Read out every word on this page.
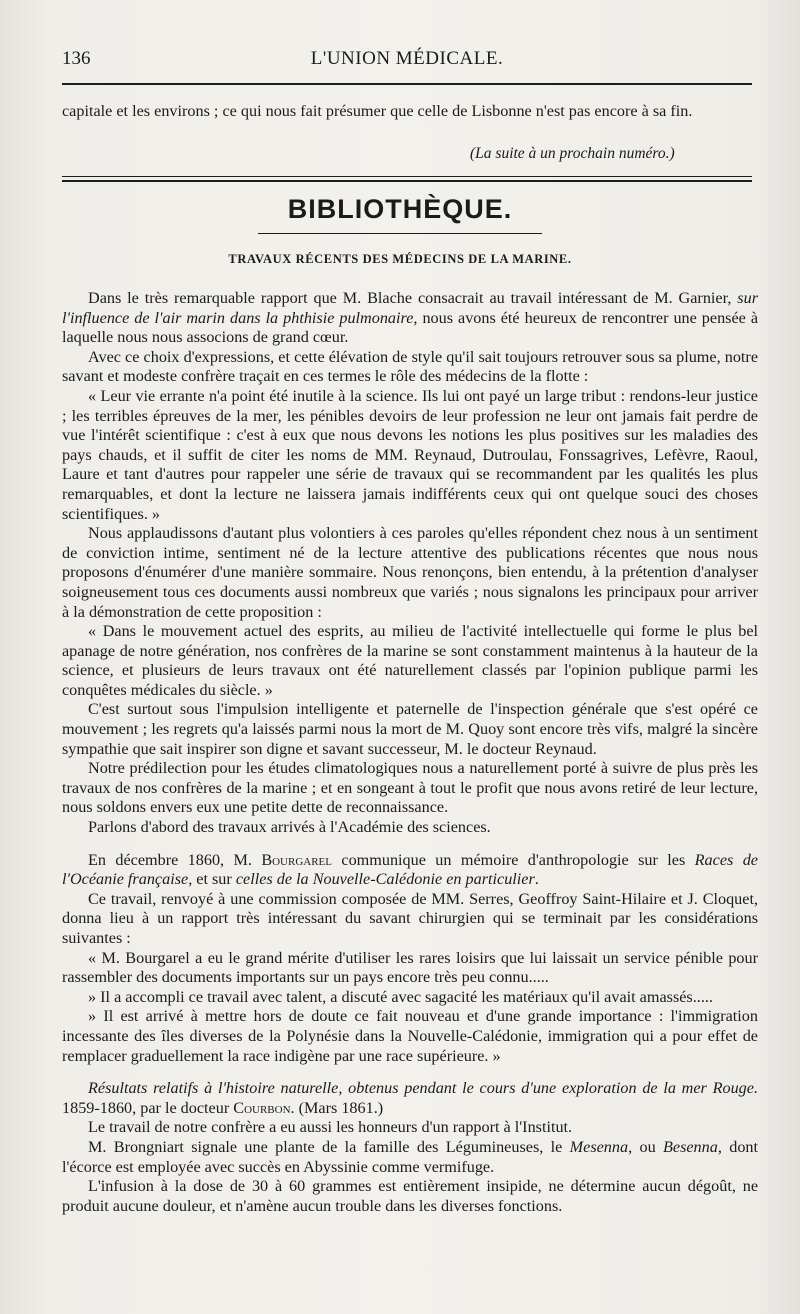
136	L'UNION MÉDICALE.

capitale et les environs ; ce qui nous fait présumer que celle de Lisbonne n'est pas encore à sa fin.

(La suite à un prochain numéro.)
BIBLIOTHÈQUE.
TRAVAUX RÉCENTS DES MÉDECINS DE LA MARINE.

Dans le très remarquable rapport que M. Blache consacrait au travail intéressant de M. Garnier, sur l'influence de l'air marin dans la phthisie pulmonaire, nous avons été heureux de rencontrer une pensée à laquelle nous nous associons de grand cœur.

Avec ce choix d'expressions, et cette élévation de style qu'il sait toujours retrouver sous sa plume, notre savant et modeste confrère traçait en ces termes le rôle des médecins de la flotte :

« Leur vie errante n'a point été inutile à la science. Ils lui ont payé un large tribut : rendons-leur justice ; les terribles épreuves de la mer, les pénibles devoirs de leur profession ne leur ont jamais fait perdre de vue l'intérêt scientifique : c'est à eux que nous devons les notions les plus positives sur les maladies des pays chauds, et il suffit de citer les noms de MM. Reynaud, Dutroulau, Fonssagrives, Lefèvre, Raoul, Laure et tant d'autres pour rappeler une série de travaux qui se recommandent par les qualités les plus remarquables, et dont la lecture ne laissera jamais indifférents ceux qui ont quelque souci des choses scientifiques. »

Nous applaudissons d'autant plus volontiers à ces paroles qu'elles répondent chez nous à un sentiment de conviction intime, sentiment né de la lecture attentive des publications récentes que nous nous proposons d'énumérer d'une manière sommaire. Nous renonçons, bien entendu, à la prétention d'analyser soigneusement tous ces documents aussi nombreux que variés ; nous signalons les principaux pour arriver à la démonstration de cette proposition :

« Dans le mouvement actuel des esprits, au milieu de l'activité intellectuelle qui forme le plus bel apanage de notre génération, nos confrères de la marine se sont constamment maintenus à la hauteur de la science, et plusieurs de leurs travaux ont été naturellement classés par l'opinion publique parmi les conquêtes médicales du siècle. »

C'est surtout sous l'impulsion intelligente et paternelle de l'inspection générale que s'est opéré ce mouvement ; les regrets qu'a laissés parmi nous la mort de M. Quoy sont encore très vifs, malgré la sincère sympathie que sait inspirer son digne et savant successeur, M. le docteur Reynaud.

Notre prédilection pour les études climatologiques nous a naturellement porté à suivre de plus près les travaux de nos confrères de la marine ; et en songeant à tout le profit que nous avons retiré de leur lecture, nous soldons envers eux une petite dette de reconnaissance.

Parlons d'abord des travaux arrivés à l'Académie des sciences.

En décembre 1860, M. Bourgarel communique un mémoire d'anthropologie sur les Races de l'Océanie française, et sur celles de la Nouvelle-Calédonie en particulier.

Ce travail, renvoyé à une commission composée de MM. Serres, Geoffroy Saint-Hilaire et J. Cloquet, donna lieu à un rapport très intéressant du savant chirurgien qui se terminait par les considérations suivantes :

« M. Bourgarel a eu le grand mérite d'utiliser les rares loisirs que lui laissait un service pénible pour rassembler des documents importants sur un pays encore très peu connu.....

» Il a accompli ce travail avec talent, a discuté avec sagacité les matériaux qu'il avait amassés.....

» Il est arrivé à mettre hors de doute ce fait nouveau et d'une grande importance : l'immigration incessante des îles diverses de la Polynésie dans la Nouvelle-Calédonie, immigration qui a pour effet de remplacer graduellement la race indigène par une race supérieure. »

Résultats relatifs à l'histoire naturelle, obtenus pendant le cours d'une exploration de la mer Rouge. 1859-1860, par le docteur Courbon. (Mars 1861.)

Le travail de notre confrère a eu aussi les honneurs d'un rapport à l'Institut.

M. Brongniart signale une plante de la famille des Légumineuses, le Mesenna, ou Besenna, dont l'écorce est employée avec succès en Abyssinie comme vermifuge.

L'infusion à la dose de 30 à 60 grammes est entièrement insipide, ne détermine aucun dégoût, ne produit aucune douleur, et n'amène aucun trouble dans les diverses fonctions.
